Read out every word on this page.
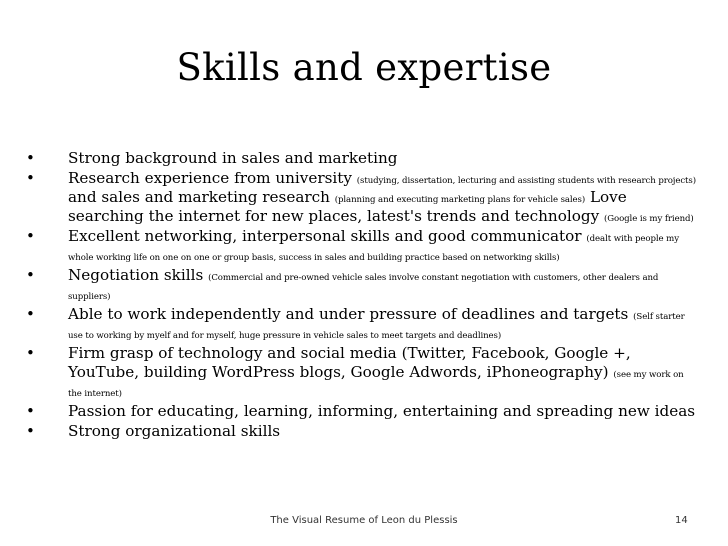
Skills and expertise
• Strong background in sales and marketing
• Research experience from university (studying, dissertation, lecturing and assisting students with research projects) and sales and marketing research (planning and executing marketing plans for vehicle sales) Love searching the internet for new places, latest's trends and technology (Google is my friend)
• Excellent networking, interpersonal skills and good communicator (dealt with people my whole working life on one on one or group basis, success in sales and building practice based on networking skills)
• Negotiation skills (Commercial and pre-owned vehicle sales involve constant negotiation with customers, other dealers and suppliers)
• Able to work independently and under pressure of deadlines and targets (Self starter use to working by myelf and for myself, huge pressure in vehicle sales to meet targets and deadlines)
• Firm grasp of technology and social media (Twitter, Facebook, Google +, YouTube, building WordPress blogs, Google Adwords, iPhoneography) (see my work on the internet)
• Passion for educating, learning, informing, entertaining and spreading new ideas
• Strong organizational skills
The Visual Resume of Leon du Plessis	14
